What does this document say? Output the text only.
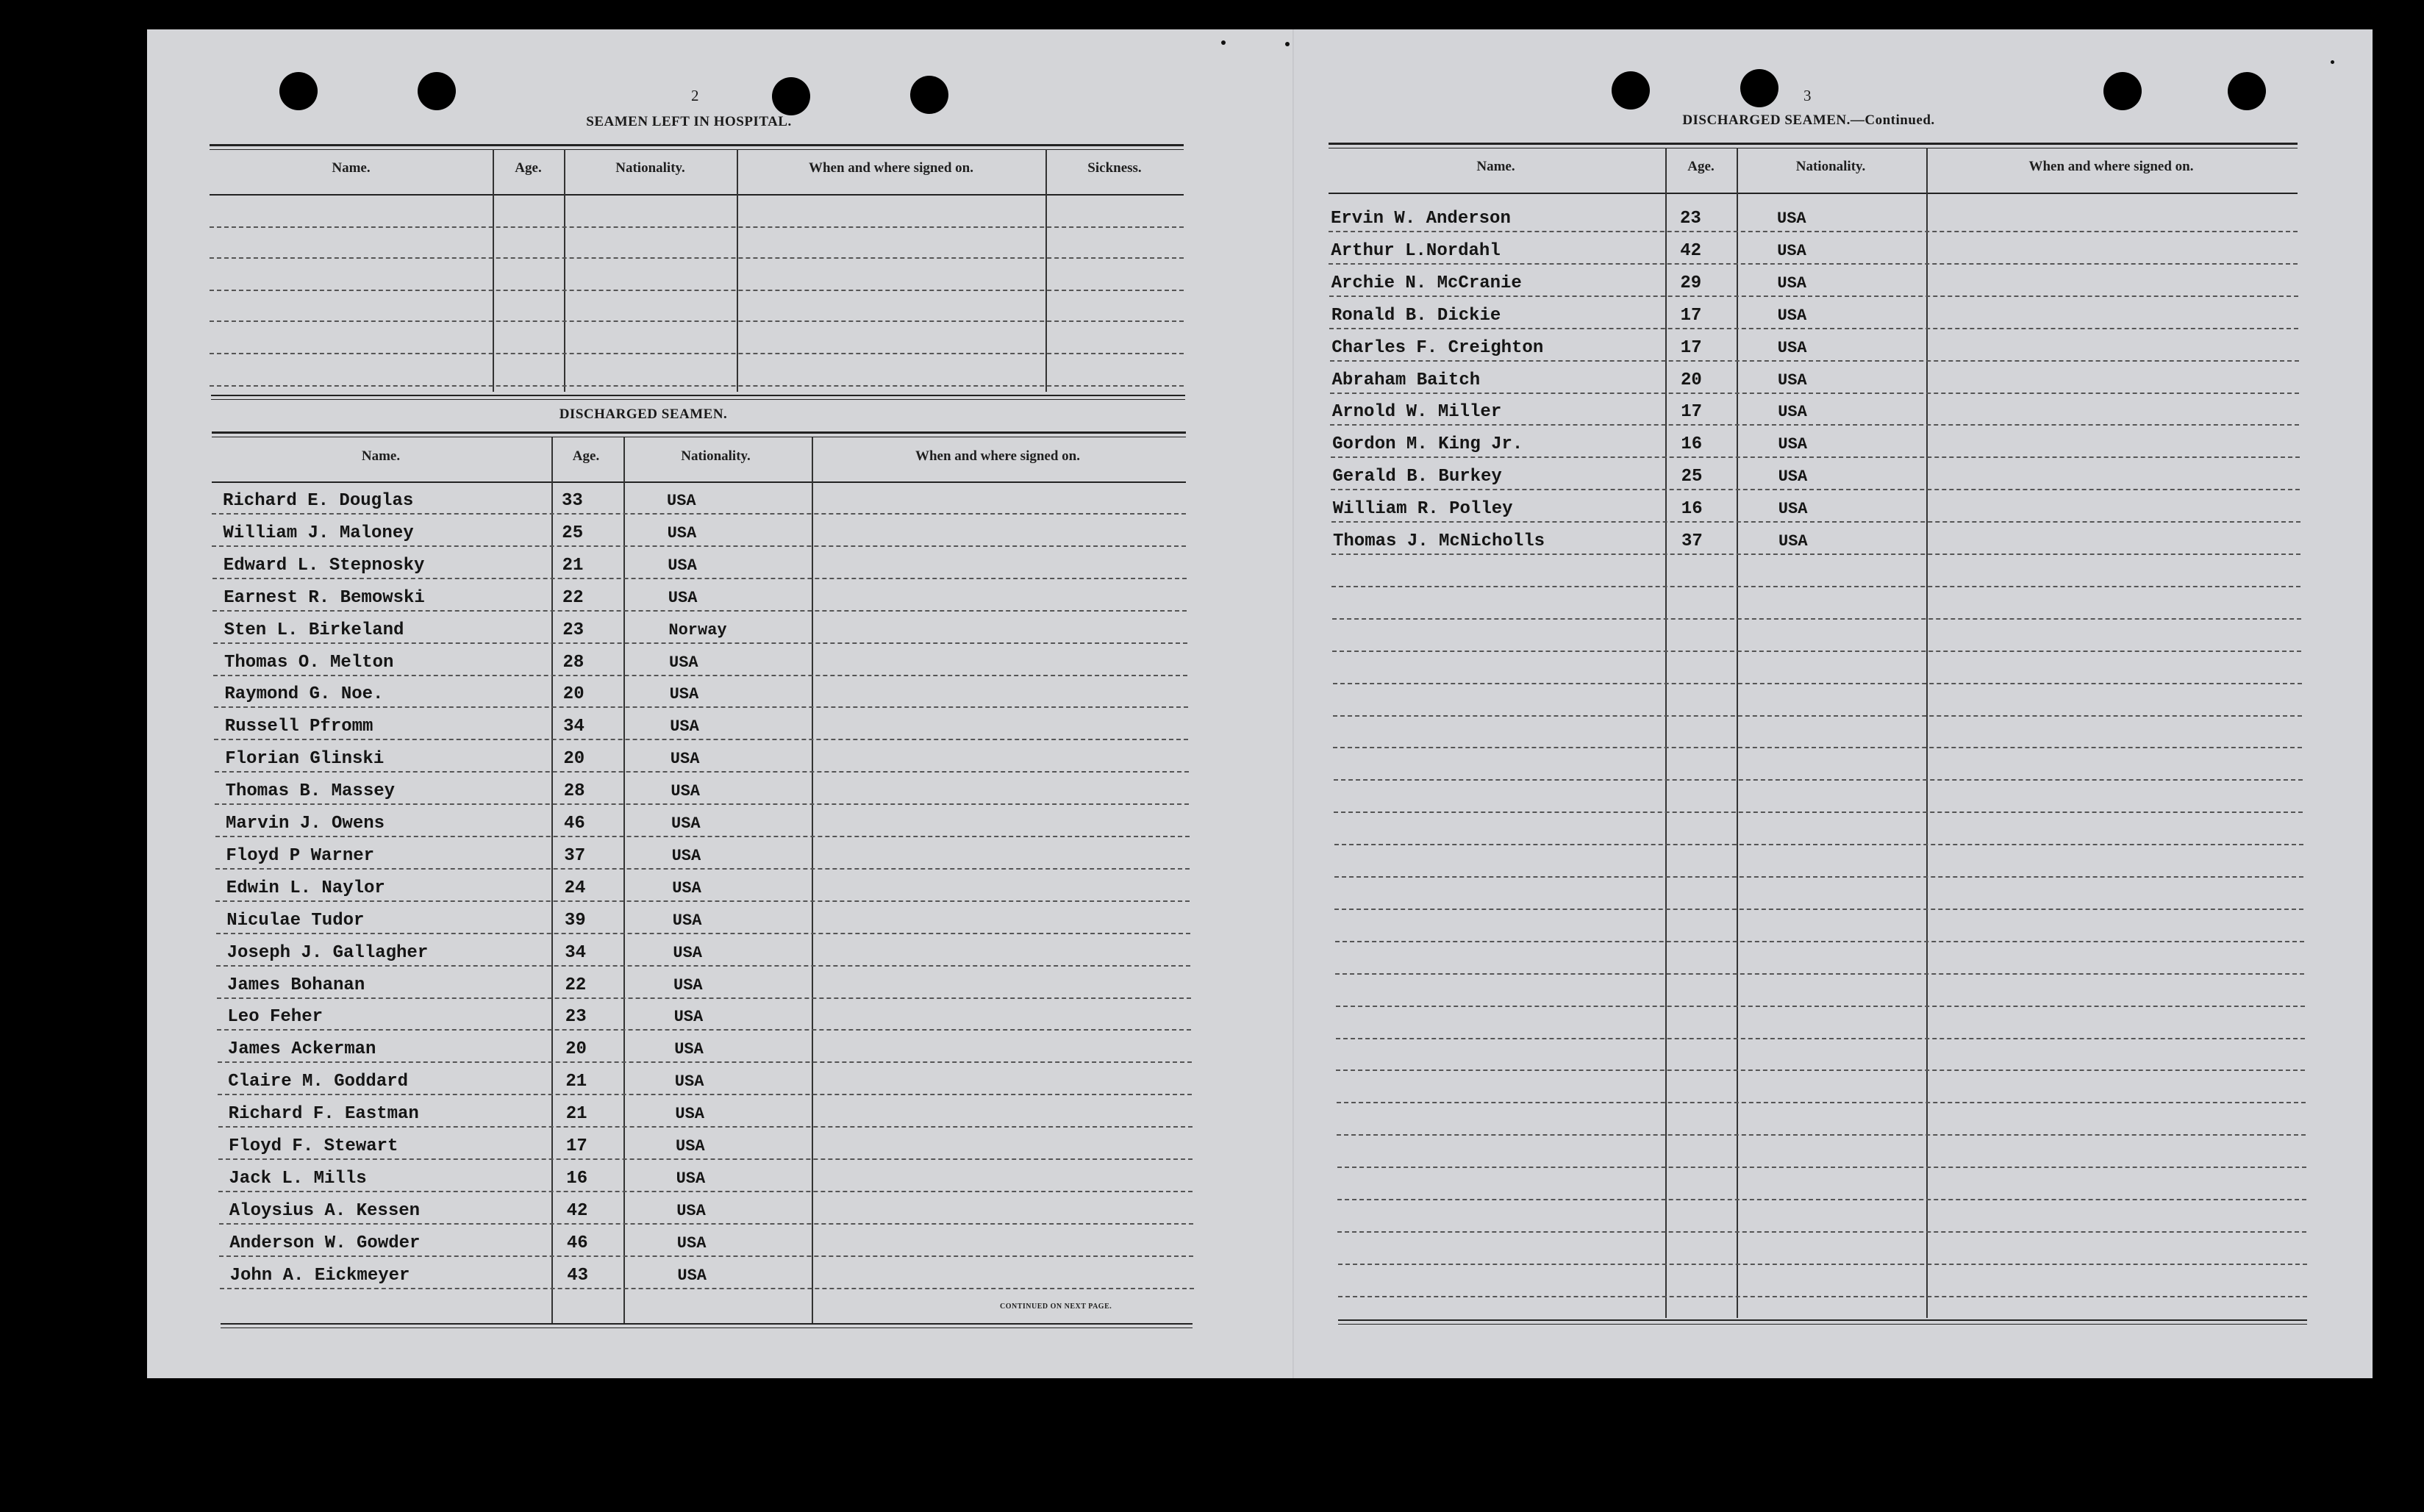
2
SEAMEN LEFT IN HOSPITAL.
Name.	Age.	Nationality.	When and where signed on.	Sickness.
DISCHARGED SEAMEN.
Name.	Age.	Nationality.	When and where signed on.
Richard E. Douglas	33	USA
William J. Maloney	25	USA
Edward L. Stepnosky	21	USA
Earnest R. Bemowski	22	USA
Sten L. Birkeland	23	Norway
Thomas O. Melton	28	USA
Raymond G. Noe.	20	USA
Russell Pfromm	34	USA
Florian Glinski	20	USA
Thomas B. Massey	28	USA
Marvin J. Owens	46	USA
Floyd P Warner	37	USA
Edwin L. Naylor	24	USA
Niculae Tudor	39	USA
Joseph J. Gallagher	34	USA
James Bohanan	22	USA
Leo Feher	23	USA
James Ackerman	20	USA
Claire M. Goddard	21	USA
Richard F. Eastman	21	USA
Floyd F. Stewart	17	USA
Jack L. Mills	16	USA
Aloysius A. Kessen	42	USA
Anderson W. Gowder	46	USA
John A. Eickmeyer	43	USA
CONTINUED ON NEXT PAGE.
3
DISCHARGED SEAMEN.—Continued.
Name.	Age.	Nationality.	When and where signed on.
Ervin W. Anderson	23	USA
Arthur L.Nordahl	42	USA
Archie N. McCranie	29	USA
Ronald B. Dickie	17	USA
Charles F. Creighton	17	USA
Abraham Baitch	20	USA
Arnold W. Miller	17	USA
Gordon M. King Jr.	16	USA
Gerald B. Burkey	25	USA
William R. Polley	16	USA
Thomas J. McNicholls	37	USA
